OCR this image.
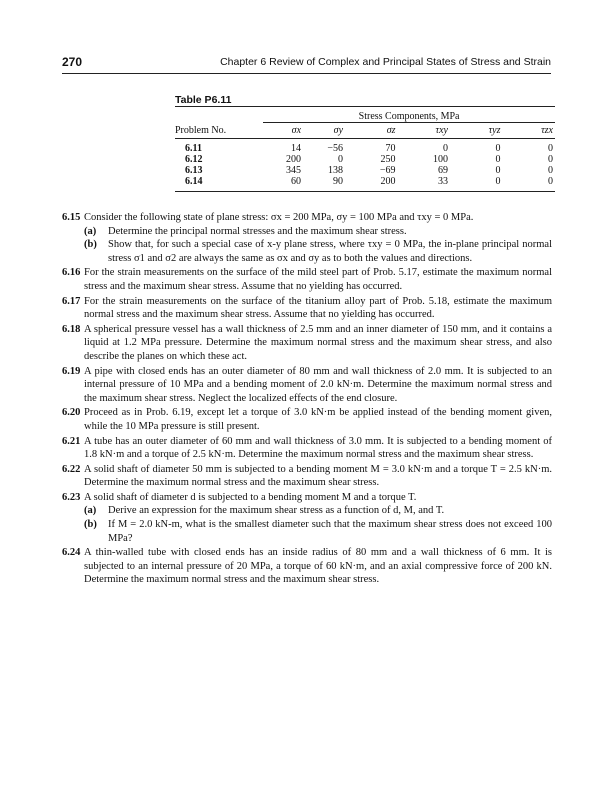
270	Chapter 6 Review of Complex and Principal States of Stress and Strain
Table P6.11

	Stress Components, MPa					
Problem No.	σx	σy	σz	τxy	τyz	τzx
6.11	14	−56	70	0	0	0
6.12	200	0	250	100	0	0
6.13	345	138	−69	69	0	0
6.14	60	90	200	33	0	0

6.15 Consider the following state of plane stress: σx = 200 MPa, σy = 100 MPa and τxy = 0 MPa.
(a) Determine the principal normal stresses and the maximum shear stress.
(b) Show that, for such a special case of x-y plane stress, where τxy = 0 MPa, the in-plane principal normal stress σ1 and σ2 are always the same as σx and σy as to both the values and directions.
6.16 For the strain measurements on the surface of the mild steel part of Prob. 5.17, estimate the maximum normal stress and the maximum shear stress. Assume that no yielding has occurred.
6.17 For the strain measurements on the surface of the titanium alloy part of Prob. 5.18, estimate the maximum normal stress and the maximum shear stress. Assume that no yielding has occurred.
6.18 A spherical pressure vessel has a wall thickness of 2.5 mm and an inner diameter of 150 mm, and it contains a liquid at 1.2 MPa pressure. Determine the maximum normal stress and the maximum shear stress, and also describe the planes on which these act.
6.19 A pipe with closed ends has an outer diameter of 80 mm and wall thickness of 2.0 mm. It is subjected to an internal pressure of 10 MPa and a bending moment of 2.0 kN·m. Determine the maximum normal stress and the maximum shear stress. Neglect the localized effects of the end closure.
6.20 Proceed as in Prob. 6.19, except let a torque of 3.0 kN·m be applied instead of the bending moment given, while the 10 MPa pressure is still present.
6.21 A tube has an outer diameter of 60 mm and wall thickness of 3.0 mm. It is subjected to a bending moment of 1.8 kN·m and a torque of 2.5 kN·m. Determine the maximum normal stress and the maximum shear stress.
6.22 A solid shaft of diameter 50 mm is subjected to a bending moment M = 3.0 kN·m and a torque T = 2.5 kN·m. Determine the maximum normal stress and the maximum shear stress.
6.23 A solid shaft of diameter d is subjected to a bending moment M and a torque T.
(a) Derive an expression for the maximum shear stress as a function of d, M, and T.
(b) If M = 2.0 kN-m, what is the smallest diameter such that the maximum shear stress does not exceed 100 MPa?
6.24 A thin-walled tube with closed ends has an inside radius of 80 mm and a wall thickness of 6 mm. It is subjected to an internal pressure of 20 MPa, a torque of 60 kN·m, and an axial compressive force of 200 kN. Determine the maximum normal stress and the maximum shear stress.
